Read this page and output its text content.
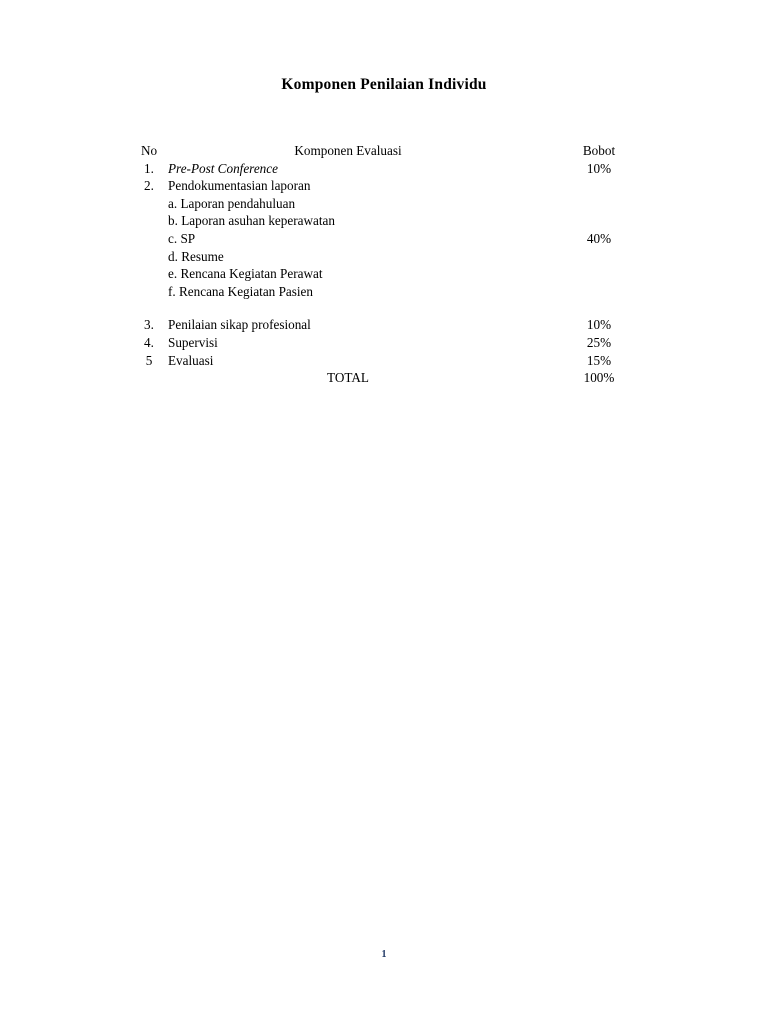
Komponen Penilaian Individu
No	Komponen Evaluasi	Bobot
1.	Pre-Post Conference	10%
2.	Pendokumentasian laporan	40%
	a. Laporan pendahuluan	
	b. Laporan asuhan keperawatan	
	c. SP	
	d. Resume	
	e. Rencana Kegiatan Perawat	
	f. Rencana Kegiatan Pasien	

3.	Penilaian sikap profesional	10%
4.	Supervisi	25%
5	Evaluasi	15%
	TOTAL	100%
1
